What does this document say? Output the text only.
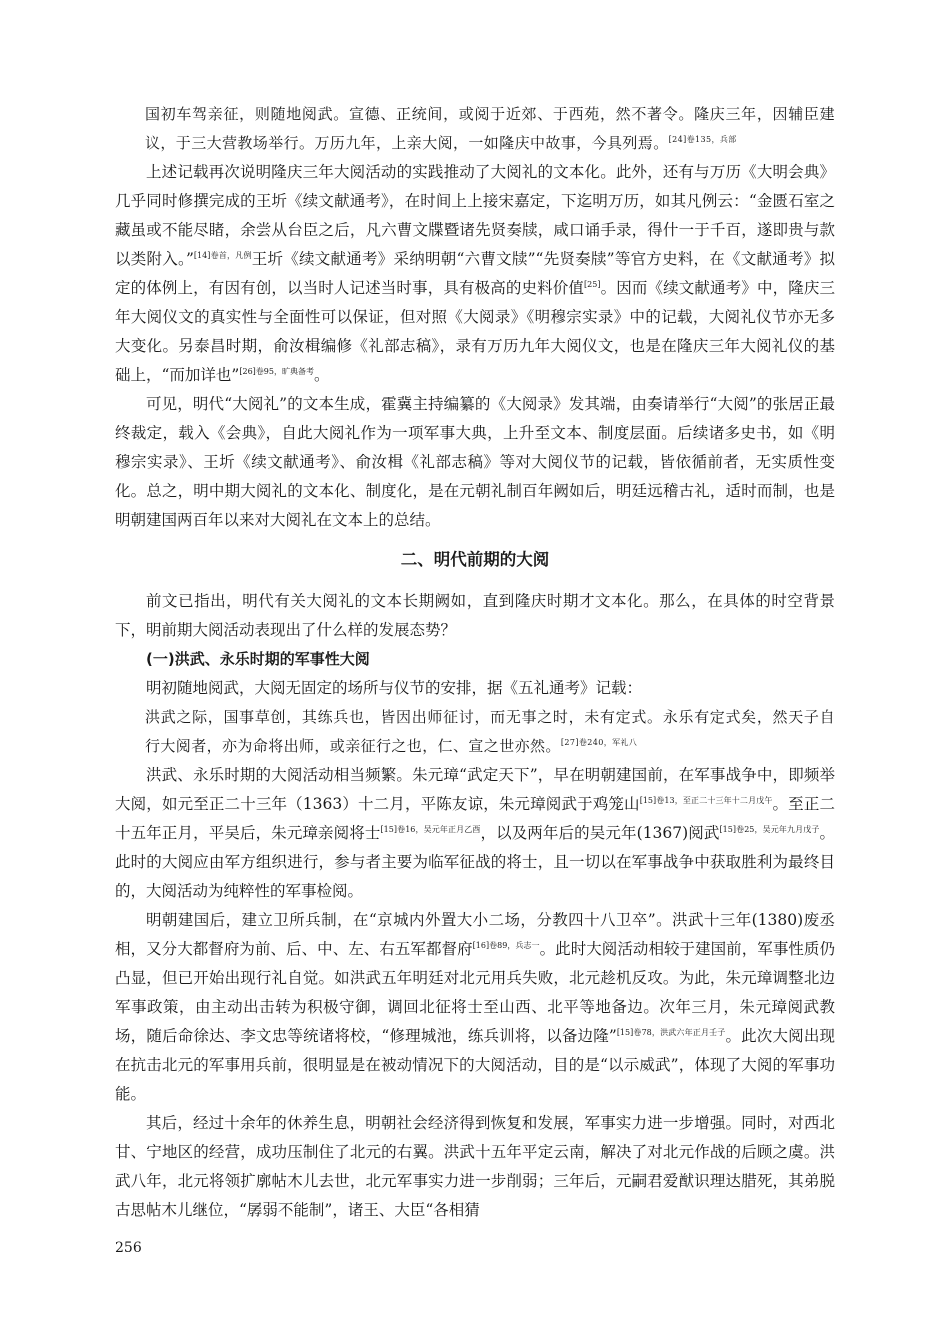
国初车驾亲征，则随地阅武。宣德、正统间，或阅于近郊、于西苑，然不著令。隆庆三年，因辅臣建议，于三大营教场举行。万历九年，上亲大阅，一如隆庆中故事，今具列焉。$^{[24]卷135,兵部}$

上述记载再次说明隆庆三年大阅活动的实践推动了大阅礼的文本化。此外，还有与万历《大明会典》几乎同时修撰完成的王圻《续文献通考》，在时间上上接宋嘉定，下迄明万历，如其凡例云：“金匮石室之藏虽或不能尽睹，余尝从台臣之后，凡六曹文牒暨诸先贤奏牍，咸口诵手录，得什一于千百，遂即贵与款以类附入。”$^{[14]卷首,凡例}$王圻《续文献通考》采纳明朝“六曹文牍”“先贤奏牍”等官方史料，在《文献通考》拟定的体例上，有因有创，以当时人记述当时事，具有极高的史料价值[25]。因而《续文献通考》中，隆庆三年大阅仪文的真实性与全面性可以保证，但对照《大阅录》《明穆宗实录》中的记载，大阅礼仪节亦无多大变化。另泰昌时期，俞汝楫编修《礼部志稿》，录有万历九年大阅仪文，也是在隆庆三年大阅礼仪的基础上，“而加详也”$^{[26]卷95,旷典备考}$。

可见，明代“大阅礼”的文本生成，霍冀主持编纂的《大阅录》发其端，由奏请举行“大阅”的张居正最终裁定，载入《会典》，自此大阅礼作为一项军事大典，上升至文本、制度层面。后续诸多史书，如《明穆宗实录》、王圻《续文献通考》、俞汝楫《礼部志稿》等对大阅仪节的记载，皆依循前者，无实质性变化。总之，明中期大阅礼的文本化、制度化，是在元朝礼制百年阙如后，明廷远稽古礼，适时而制，也是明朝建国两百年以来对大阅礼在文本上的总结。

二、明代前期的大阅

前文已指出，明代有关大阅礼的文本长期阙如，直到隆庆时期才文本化。那么，在具体的时空背景下，明前期大阅活动表现出了什么样的发展态势？

(一)洪武、永乐时期的军事性大阅

明初随地阅武，大阅无固定的场所与仪节的安排，据《五礼通考》记载：

洪武之际，国事草创，其练兵也，皆因出师征讨，而无事之时，未有定式。永乐有定式矣，然天子自行大阅者，亦为命将出师，或亲征行之也，仁、宣之世亦然。$^{[27]卷240,军礼八}$

洪武、永乐时期的大阅活动相当频繁。朱元璋“武定天下”，早在明朝建国前，在军事战争中，即频举大阅，如元至正二十三年（1363）十二月，平陈友谅，朱元璋阅武于鸡笼山$^{[15]卷13,至正二十三年十二月戊午}$。至正二十五年正月，平吴后，朱元璋亲阅将士$^{[15]卷16,吴元年正月乙酉}$，以及两年后的吴元年(1367)阅武$^{[15]卷25,吴元年九月戊子}$。此时的大阅应由军方组织进行，参与者主要为临军征战的将士，且一切以在军事战争中获取胜利为最终目的，大阅活动为纯粹性的军事检阅。

明朝建国后，建立卫所兵制，在“京城内外置大小二场，分教四十八卫卒”。洪武十三年(1380)废丞相，又分大都督府为前、后、中、左、右五军都督府$^{[16]卷89,兵志一}$。此时大阅活动相较于建国前，军事性质仍凸显，但已开始出现行礼自觉。如洪武五年明廷对北元用兵失败，北元趁机反攻。为此，朱元璋调整北边军事政策，由主动出击转为积极守御，调回北征将士至山西、北平等地备边。次年三月，朱元璋阅武教场，随后命徐达、李文忠等统诸将校，“修理城池，练兵训将，以备边隆”$^{[15]卷78,洪武六年正月壬子}$。此次大阅出现在抗击北元的军事用兵前，很明显是在被动情况下的大阅活动，目的是“以示威武”，体现了大阅的军事功能。

其后，经过十余年的休养生息，明朝社会经济得到恢复和发展，军事实力进一步增强。同时，对西北甘、宁地区的经营，成功压制住了北元的右翼。洪武十五年平定云南，解决了对北元作战的后顾之虞。洪武八年，北元将领扩廓帖木儿去世，北元军事实力进一步削弱；三年后，元嗣君爱猷识理达腊死，其弟脱古思帖木儿继位，“孱弱不能制”，诸王、大臣“各相猜

256
